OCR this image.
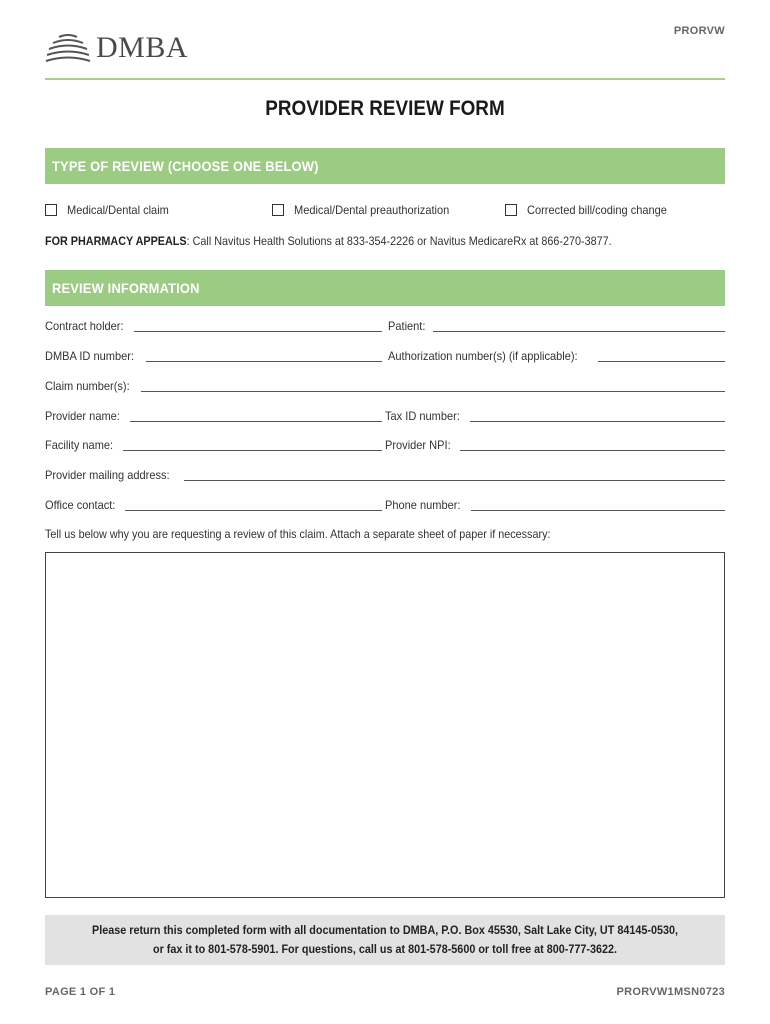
DMBA	PRORVW
PROVIDER REVIEW FORM
TYPE OF REVIEW (CHOOSE ONE BELOW)
Medical/Dental claim	Medical/Dental preauthorization	Corrected bill/coding change
FOR PHARMACY APPEALS: Call Navitus Health Solutions at 833-354-2226 or Navitus MedicareRx at 866-270-3877.
REVIEW INFORMATION
Contract holder:	Patient:
DMBA ID number:	Authorization number(s) (if applicable):
Claim number(s):
Provider name:	Tax ID number:
Facility name:	Provider NPI:
Provider mailing address:
Office contact:	Phone number:
Tell us below why you are requesting a review of this claim. Attach a separate sheet of paper if necessary:
Please return this completed form with all documentation to DMBA, P.O. Box 45530, Salt Lake City, UT 84145-0530,
or fax it to 801-578-5901. For questions, call us at 801-578-5600 or toll free at 800-777-3622.
PAGE 1 OF 1	PRORVW1MSN0723
